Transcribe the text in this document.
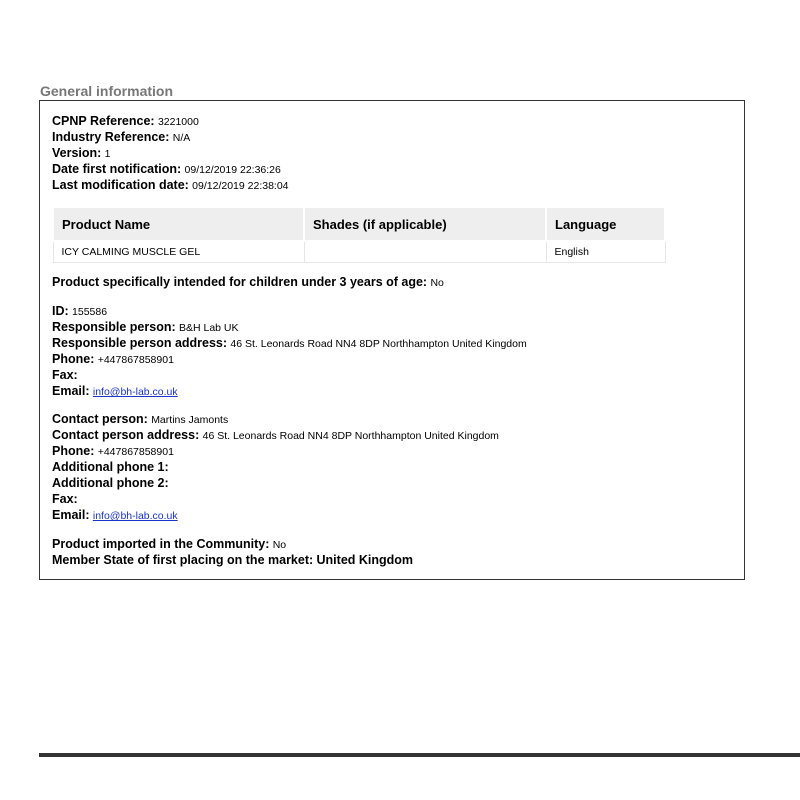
General information
CPNP Reference: 3221000
Industry Reference: N/A
Version: 1
Date first notification: 09/12/2019 22:36:26
Last modification date: 09/12/2019 22:38:04
Product Name	Shades (if applicable)	Language
ICY CALMING MUSCLE GEL		English
Product specifically intended for children under 3 years of age: No
ID: 155586
Responsible person: B&H Lab UK
Responsible person address: 46 St. Leonards Road NN4 8DP Northhampton United Kingdom
Phone: +447867858901
Fax:
Email: info@bh-lab.co.uk
Contact person: Martins Jamonts
Contact person address: 46 St. Leonards Road NN4 8DP Northhampton United Kingdom
Phone: +447867858901
Additional phone 1:
Additional phone 2:
Fax:
Email: info@bh-lab.co.uk
Product imported in the Community: No
Member State of first placing on the market: United Kingdom
